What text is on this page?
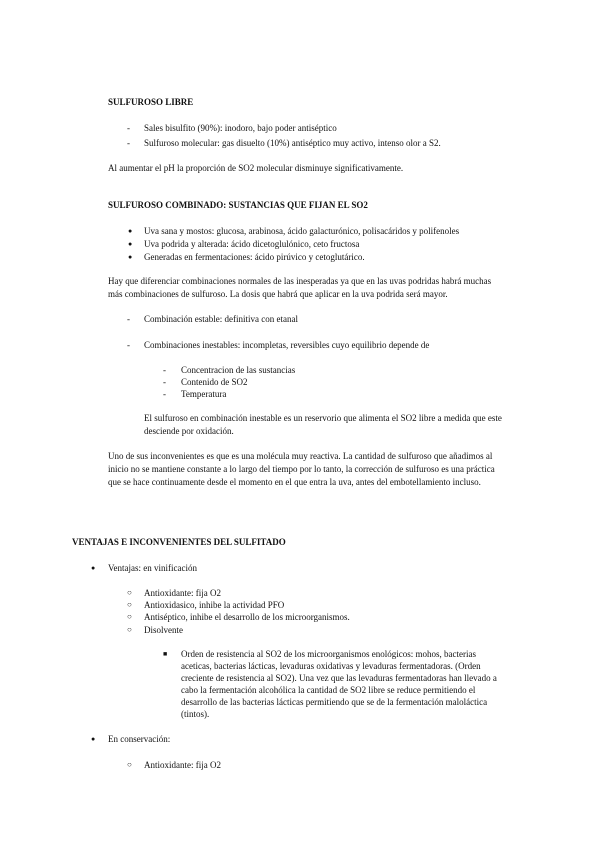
SULFUROSO LIBRE
- Sales bisulfito (90%): inodoro, bajo poder antiséptico
- Sulfuroso molecular: gas disuelto (10%) antiséptico muy activo, intenso olor a S2.
Al aumentar el pH la proporción de SO2 molecular disminuye significativamente.
SULFUROSO COMBINADO: SUSTANCIAS QUE FIJAN EL SO2
● Uva sana y mostos: glucosa, arabinosa, ácido galacturónico, polisacáridos y polifenoles
● Uva podrida y alterada: ácido dicetoglulónico, ceto fructosa
● Generadas en fermentaciones: ácido pirúvico y cetoglutárico.
Hay que diferenciar combinaciones normales de las inesperadas ya que en las uvas podridas habrá muchas
más combinaciones de sulfuroso. La dosis que habrá que aplicar en la uva podrida será mayor.
- Combinación estable: definitiva con etanal
- Combinaciones inestables: incompletas, reversibles cuyo equilibrio depende de
- Concentracion de las sustancias
- Contenido de SO2
- Temperatura
El sulfuroso en combinación inestable es un reservorio que alimenta el SO2 libre a medida que este
desciende por oxidación.
Uno de sus inconvenientes es que es una molécula muy reactiva. La cantidad de sulfuroso que añadimos al
inicio no se mantiene constante a lo largo del tiempo por lo tanto, la corrección de sulfuroso es una práctica
que se hace continuamente desde el momento en el que entra la uva, antes del embotellamiento incluso.
VENTAJAS E INCONVENIENTES DEL SULFITADO
● Ventajas: en vinificación
○ Antioxidante: fija O2
○ Antioxidasico, inhibe la actividad PFO
○ Antiséptico, inhibe el desarrollo de los microorganismos.
○ Disolvente
■ Orden de resistencia al SO2 de los microorganismos enológicos: mohos, bacterias
aceticas, bacterias lácticas, levaduras oxidativas y levaduras fermentadoras. (Orden
creciente de resistencia al SO2). Una vez que las levaduras fermentadoras han llevado a
cabo la fermentación alcohólica la cantidad de SO2 libre se reduce permitiendo el
desarrollo de las bacterias lácticas permitiendo que se de la fermentación maloláctica
(tintos).
● En conservación:
○ Antioxidante: fija O2
